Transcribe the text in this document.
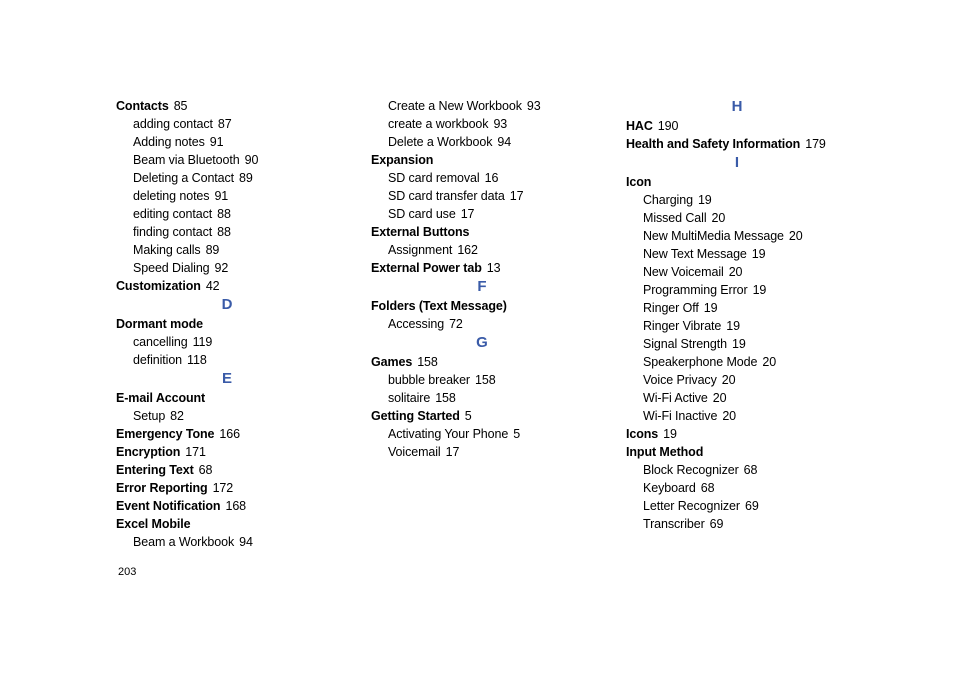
Contacts 85
adding contact 87
Adding notes 91
Beam via Bluetooth 90
Deleting a Contact 89
deleting notes 91
editing contact 88
finding contact 88
Making calls 89
Speed Dialing 92
Customization 42
D
Dormant mode
cancelling 119
definition 118
E
E-mail Account
Setup 82
Emergency Tone 166
Encryption 171
Entering Text 68
Error Reporting 172
Event Notification 168
Excel Mobile
Beam a Workbook 94
Create a New Workbook 93
create a workbook 93
Delete a Workbook 94
Expansion
SD card removal 16
SD card transfer data 17
SD card use 17
External Buttons
Assignment 162
External Power tab 13
F
Folders (Text Message)
Accessing 72
G
Games 158
bubble breaker 158
solitaire 158
Getting Started 5
Activating Your Phone 5
Voicemail 17
H
HAC 190
Health and Safety Information 179
I
Icon
Charging 19
Missed Call 20
New MultiMedia Message 20
New Text Message 19
New Voicemail 20
Programming Error 19
Ringer Off 19
Ringer Vibrate 19
Signal Strength 19
Speakerphone Mode 20
Voice Privacy 20
Wi-Fi Active 20
Wi-Fi Inactive 20
Icons 19
Input Method
Block Recognizer 68
Keyboard 68
Letter Recognizer 69
Transcriber 69
203
